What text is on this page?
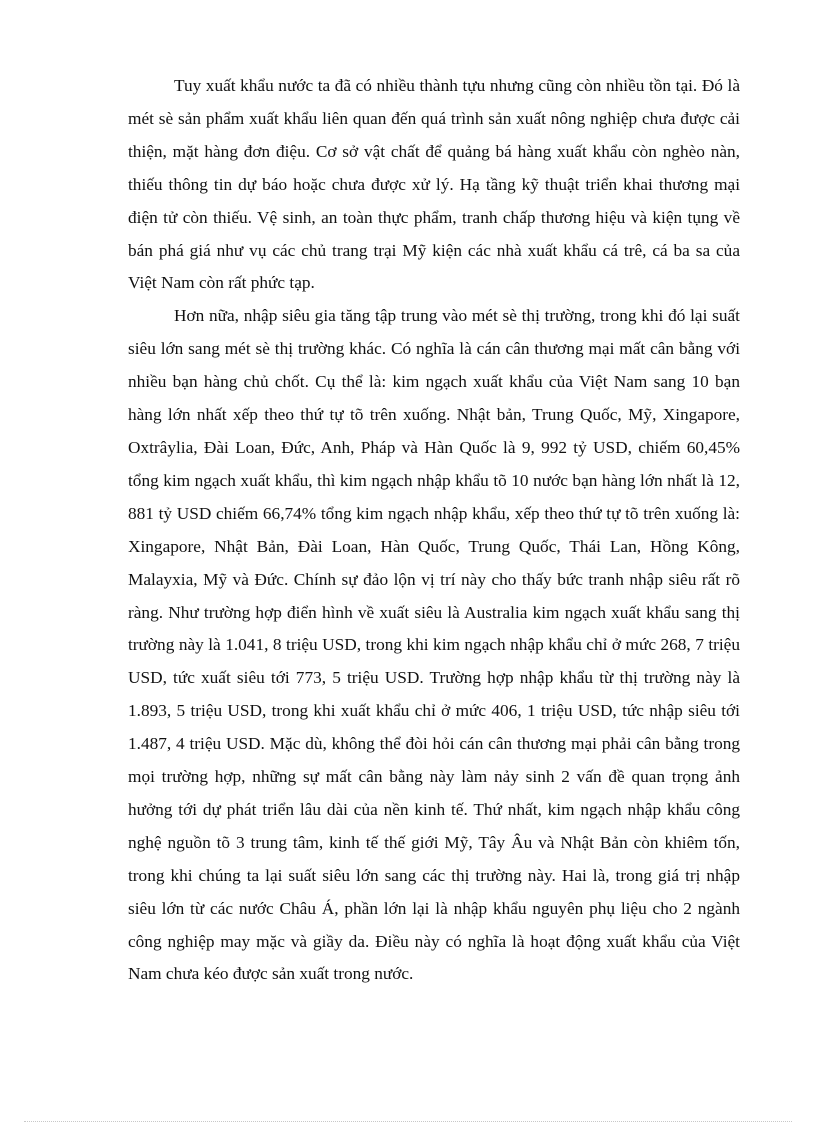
Tuy xuất khẩu nước ta đã có nhiều thành tựu nhưng cũng còn nhiều tồn tại. Đó là mét sè sản phẩm xuất khẩu liên quan đến quá trình sản xuất nông nghiệp chưa được cải thiện, mặt hàng đơn điệu. Cơ sở vật chất để quảng bá hàng xuất khẩu còn nghèo nàn, thiếu thông tin dự báo hoặc chưa được xử lý. Hạ tầng kỹ thuật triển khai thương mại điện tử còn thiếu. Vệ sinh, an toàn thực phẩm, tranh chấp thương hiệu và kiện tụng về bán phá giá như vụ các chủ trang trại Mỹ kiện các nhà xuất khẩu cá trê, cá ba sa của Việt Nam còn rất phức tạp.

Hơn nữa, nhập siêu gia tăng tập trung vào mét sè thị trường, trong khi đó lại suất siêu lớn sang mét sè thị trường khác. Có nghĩa là cán cân thương mại mất cân bằng với nhiều bạn hàng chủ chốt. Cụ thể là: kim ngạch xuất khẩu của Việt Nam sang 10 bạn hàng lớn nhất xếp theo thứ tự tõ trên xuống. Nhật bản, Trung Quốc, Mỹ, Xingapore, Oxtrâylia, Đài Loan, Đức, Anh, Pháp và Hàn Quốc là 9, 992 tỷ USD, chiếm 60,45% tổng kim ngạch xuất khẩu, thì kim ngạch nhập khẩu tõ 10 nước bạn hàng lớn nhất là 12, 881 tỷ USD chiếm 66,74% tổng kim ngạch nhập khẩu, xếp theo thứ tự tõ trên xuống là: Xingapore, Nhật Bản, Đài Loan, Hàn Quốc, Trung Quốc, Thái Lan, Hồng Kông, Malayxia, Mỹ và Đức. Chính sự đảo lộn vị trí này cho thấy bức tranh nhập siêu rất rõ ràng. Như trường hợp điển hình về xuất siêu là Australia kim ngạch xuất khẩu sang thị trường này là 1.041, 8 triệu USD, trong khi kim ngạch nhập khẩu chỉ ở mức 268, 7 triệu USD, tức xuất siêu tới 773, 5 triệu USD. Trường hợp nhập khẩu từ thị trường này là 1.893, 5 triệu USD, trong khi xuất khẩu chỉ ở mức 406, 1 triệu USD, tức nhập siêu tới 1.487, 4 triệu USD. Mặc dù, không thể đòi hỏi cán cân thương mại phải cân bằng trong mọi trường hợp, những sự mất cân bằng này làm nảy sinh 2 vấn đề quan trọng ảnh hưởng tới dự phát triển lâu dài của nền kinh tế. Thứ nhất, kim ngạch nhập khẩu công nghệ nguồn tõ 3 trung tâm, kinh tế thế giới Mỹ, Tây Âu và Nhật Bản còn khiêm tốn, trong khi chúng ta lại suất siêu lớn sang các thị trường này. Hai là, trong giá trị nhập siêu lớn từ các nước Châu Á, phần lớn lại là nhập khẩu nguyên phụ liệu cho 2 ngành công nghiệp may mặc và giầy da. Điều này có nghĩa là hoạt động xuất khẩu của Việt Nam chưa kéo được sản xuất trong nước.
